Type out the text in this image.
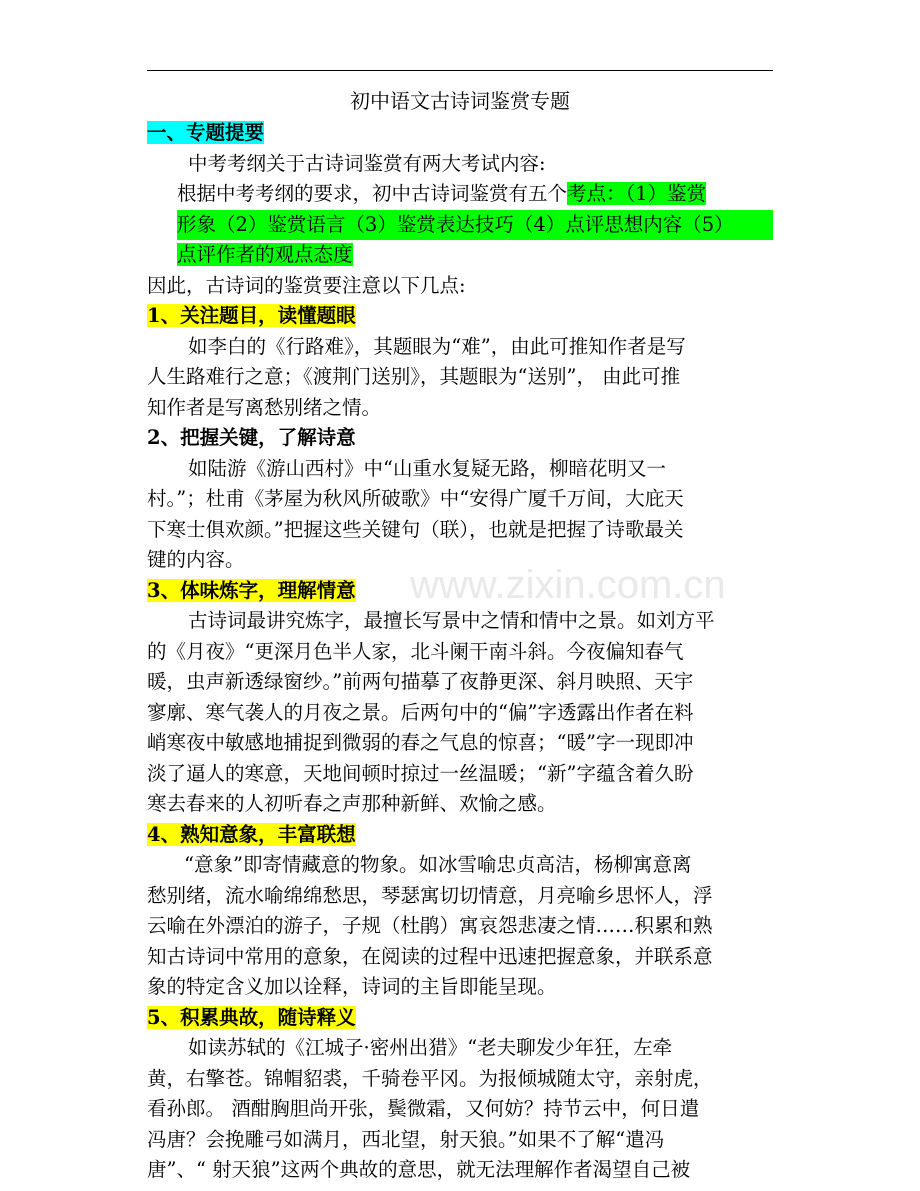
www.zixin.com.cn
初中语文古诗词鉴赏专题
一、专题提要
中考考纲关于古诗词鉴赏有两大考试内容:
根据中考考纲的要求，初中古诗词鉴赏有五个考点：（1）鉴赏
形象（2）鉴赏语言（3）鉴赏表达技巧（4）点评思想内容（5）
点评作者的观点态度
因此，古诗词的鉴赏要注意以下几点:
1、关注题目，读懂题眼
如李白的《行路难》，其题眼为“难”，由此可推知作者是写
人生路难行之意；《渡荆门送别》，其题眼为“送别”， 由此可推
知作者是写离愁别绪之情。
2、把握关键，了解诗意
如陆游《游山西村》中“山重水复疑无路，柳暗花明又一
村。”；杜甫《茅屋为秋风所破歌》中“安得广厦千万间，大庇天
下寒士俱欢颜。”把握这些关键句（联），也就是把握了诗歌最关
键的内容。
3、体味炼字，理解情意
古诗词最讲究炼字，最擅长写景中之情和情中之景。如刘方平
的《月夜》“更深月色半人家，北斗阑干南斗斜。今夜偏知春气
暖，虫声新透绿窗纱。”前两句描摹了夜静更深、斜月映照、天宇
寥廓、寒气袭人的月夜之景。后两句中的“偏”字透露出作者在料
峭寒夜中敏感地捕捉到微弱的春之气息的惊喜；“暖”字一现即冲
淡了逼人的寒意，天地间顿时掠过一丝温暖；“新”字蕴含着久盼
寒去春来的人初听春之声那种新鲜、欢愉之感。
4、熟知意象，丰富联想
“意象”即寄情藏意的物象。如冰雪喻忠贞高洁，杨柳寓意离
愁别绪，流水喻绵绵愁思，琴瑟寓切切情意，月亮喻乡思怀人，浮
云喻在外漂泊的游子，子规（杜鹃）寓哀怨悲凄之情……积累和熟
知古诗词中常用的意象，在阅读的过程中迅速把握意象，并联系意
象的特定含义加以诠释，诗词的主旨即能呈现。
5、积累典故，随诗释义
如读苏轼的《江城子·密州出猎》“老夫聊发少年狂，左牵
黄，右擎苍。锦帽貂裘，千骑卷平冈。为报倾城随太守，亲射虎，
看孙郎。 酒酣胸胆尚开张，鬓微霜，又何妨？持节云中，何日遣
冯唐？会挽雕弓如满月，西北望，射天狼。”如果不了解“遣冯
唐”、“ 射天狼”这两个典故的意思，就无法理解作者渴望自己被
